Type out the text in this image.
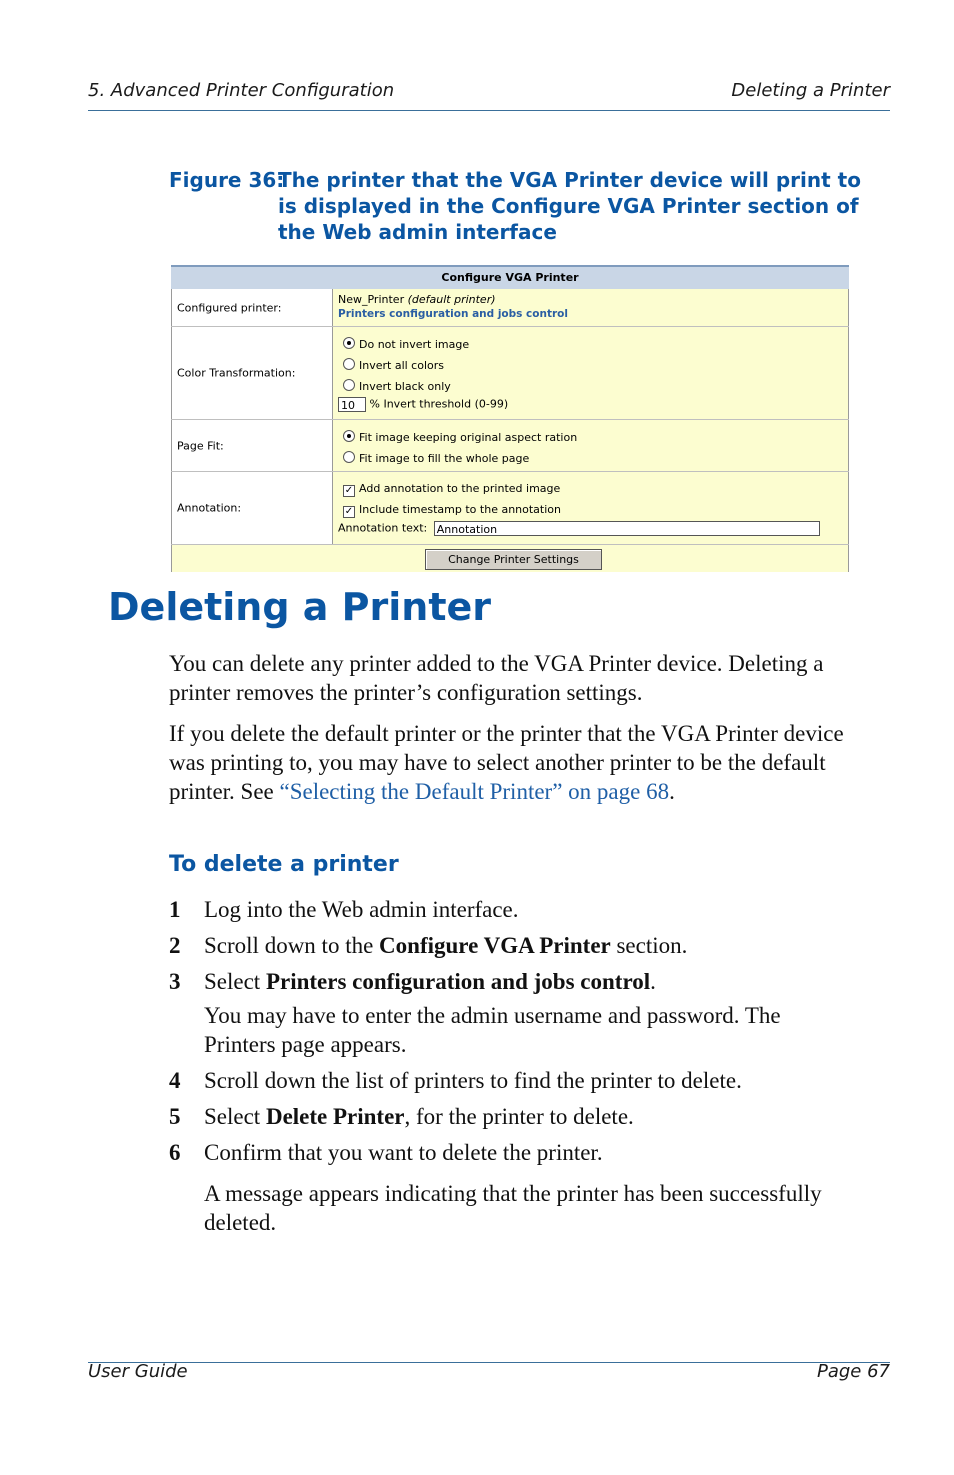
5. Advanced Printer Configuration	Deleting a Printer
Figure 36:
The printer that the VGA Printer device will print to is displayed in the Configure VGA Printer section of the Web admin interface
Configure VGA Printer
Configured printer:
New_Printer (default printer)
Printers configuration and jobs control
Color Transformation:
Do not invert image
Invert all colors
Invert black only
10 % Invert threshold (0-99)
Page Fit:
Fit image keeping original aspect ration
Fit image to fill the whole page
Annotation:
✓ Add annotation to the printed image
✓ Include timestamp to the annotation
Annotation text: Annotation
Change Printer Settings
Deleting a Printer

You can delete any printer added to the VGA Printer device. Deleting a printer removes the printer’s configuration settings.

If you delete the default printer or the printer that the VGA Printer device was printing to, you may have to select another printer to be the default printer. See “Selecting the Default Printer” on page 68.

To delete a printer
1 Log into the Web admin interface.
2 Scroll down to the Configure VGA Printer section.
3 Select Printers configuration and jobs control.

You may have to enter the admin username and password. The Printers page appears.

4 Scroll down the list of printers to find the printer to delete.
5 Select Delete Printer, for the printer to delete.
6 Confirm that you want to delete the printer.

A message appears indicating that the printer has been successfully deleted.

User Guide	Page 67
